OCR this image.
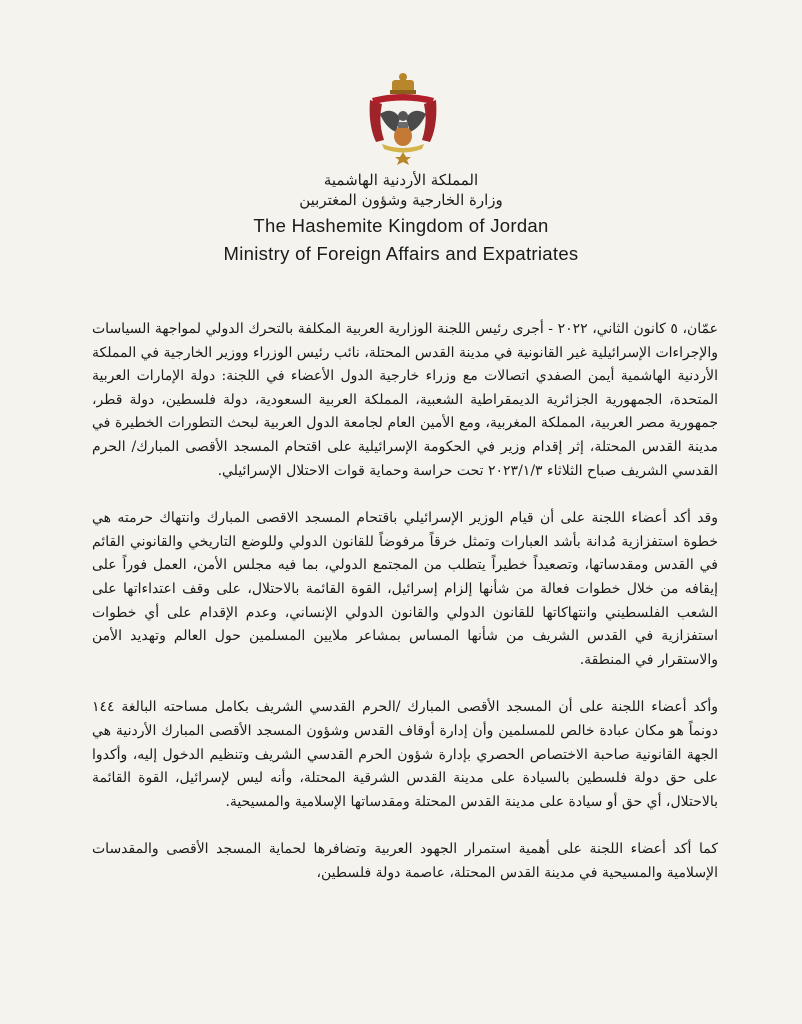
المملكة الأردنية الهاشمية
وزارة الخارجية وشؤون المغتربين
The Hashemite Kingdom of Jordan
Ministry of Foreign Affairs and Expatriates

عمّان، ٥ كانون الثاني، ٢٠٢٢ - أجرى رئيس اللجنة الوزارية العربية المكلفة بالتحرك الدولي لمواجهة السياسات والإجراءات الإسرائيلية غير القانونية في مدينة القدس المحتلة، نائب رئيس الوزراء ووزير الخارجية في المملكة الأردنية الهاشمية أيمن الصفدي اتصالات مع وزراء خارجية الدول الأعضاء في اللجنة: دولة الإمارات العربية المتحدة، الجمهورية الجزائرية الديمقراطية الشعبية، المملكة العربية السعودية، دولة فلسطين، دولة قطر، جمهورية مصر العربية، المملكة المغربية، ومع الأمين العام لجامعة الدول العربية لبحث التطورات الخطيرة في مدينة القدس المحتلة، إثر إقدام وزير في الحكومة الإسرائيلية على اقتحام المسجد الأقصى المبارك/ الحرم القدسي الشريف صباح الثلاثاء ٢٠٢٣/١/٣ تحت حراسة وحماية قوات الاحتلال الإسرائيلي.

وقد أكد أعضاء اللجنة على أن قيام الوزير الإسرائيلي باقتحام المسجد الاقصى المبارك وانتهاك حرمته هي خطوة استفزازية مُدانة بأشد العبارات وتمثل خرقاً مرفوضاً للقانون الدولي وللوضع التاريخي والقانوني القائم في القدس ومقدساتها، وتصعيداً خطيراً يتطلب من المجتمع الدولي، بما فيه مجلس الأمن، العمل فوراً على إيقافه من خلال خطوات فعالة من شأنها إلزام إسرائيل، القوة القائمة بالاحتلال، على وقف اعتداءاتها على الشعب الفلسطيني وانتهاكاتها للقانون الدولي والقانون الدولي الإنساني، وعدم الإقدام على أي خطوات استفزازية في القدس الشريف من شأنها المساس بمشاعر ملايين المسلمين حول العالم وتهديد الأمن والاستقرار في المنطقة.

وأكد أعضاء اللجنة على أن المسجد الأقصى المبارك /الحرم القدسي الشريف بكامل مساحته البالغة ١٤٤ دونماً هو مكان عبادة خالص للمسلمين وأن إدارة أوقاف القدس وشؤون المسجد الأقصى المبارك الأردنية هي الجهة القانونية صاحبة الاختصاص الحصري بإدارة شؤون الحرم القدسي الشريف وتنظيم الدخول إليه، وأكدوا على حق دولة فلسطين بالسيادة على مدينة القدس الشرقية المحتلة، وأنه ليس لإسرائيل، القوة القائمة بالاحتلال، أي حق أو سيادة على مدينة القدس المحتلة ومقدساتها الإسلامية والمسيحية.

كما أكد أعضاء اللجنة على أهمية استمرار الجهود العربية وتضافرها لحماية المسجد الأقصى والمقدسات الإسلامية والمسيحية في مدينة القدس المحتلة، عاصمة دولة فلسطين،
